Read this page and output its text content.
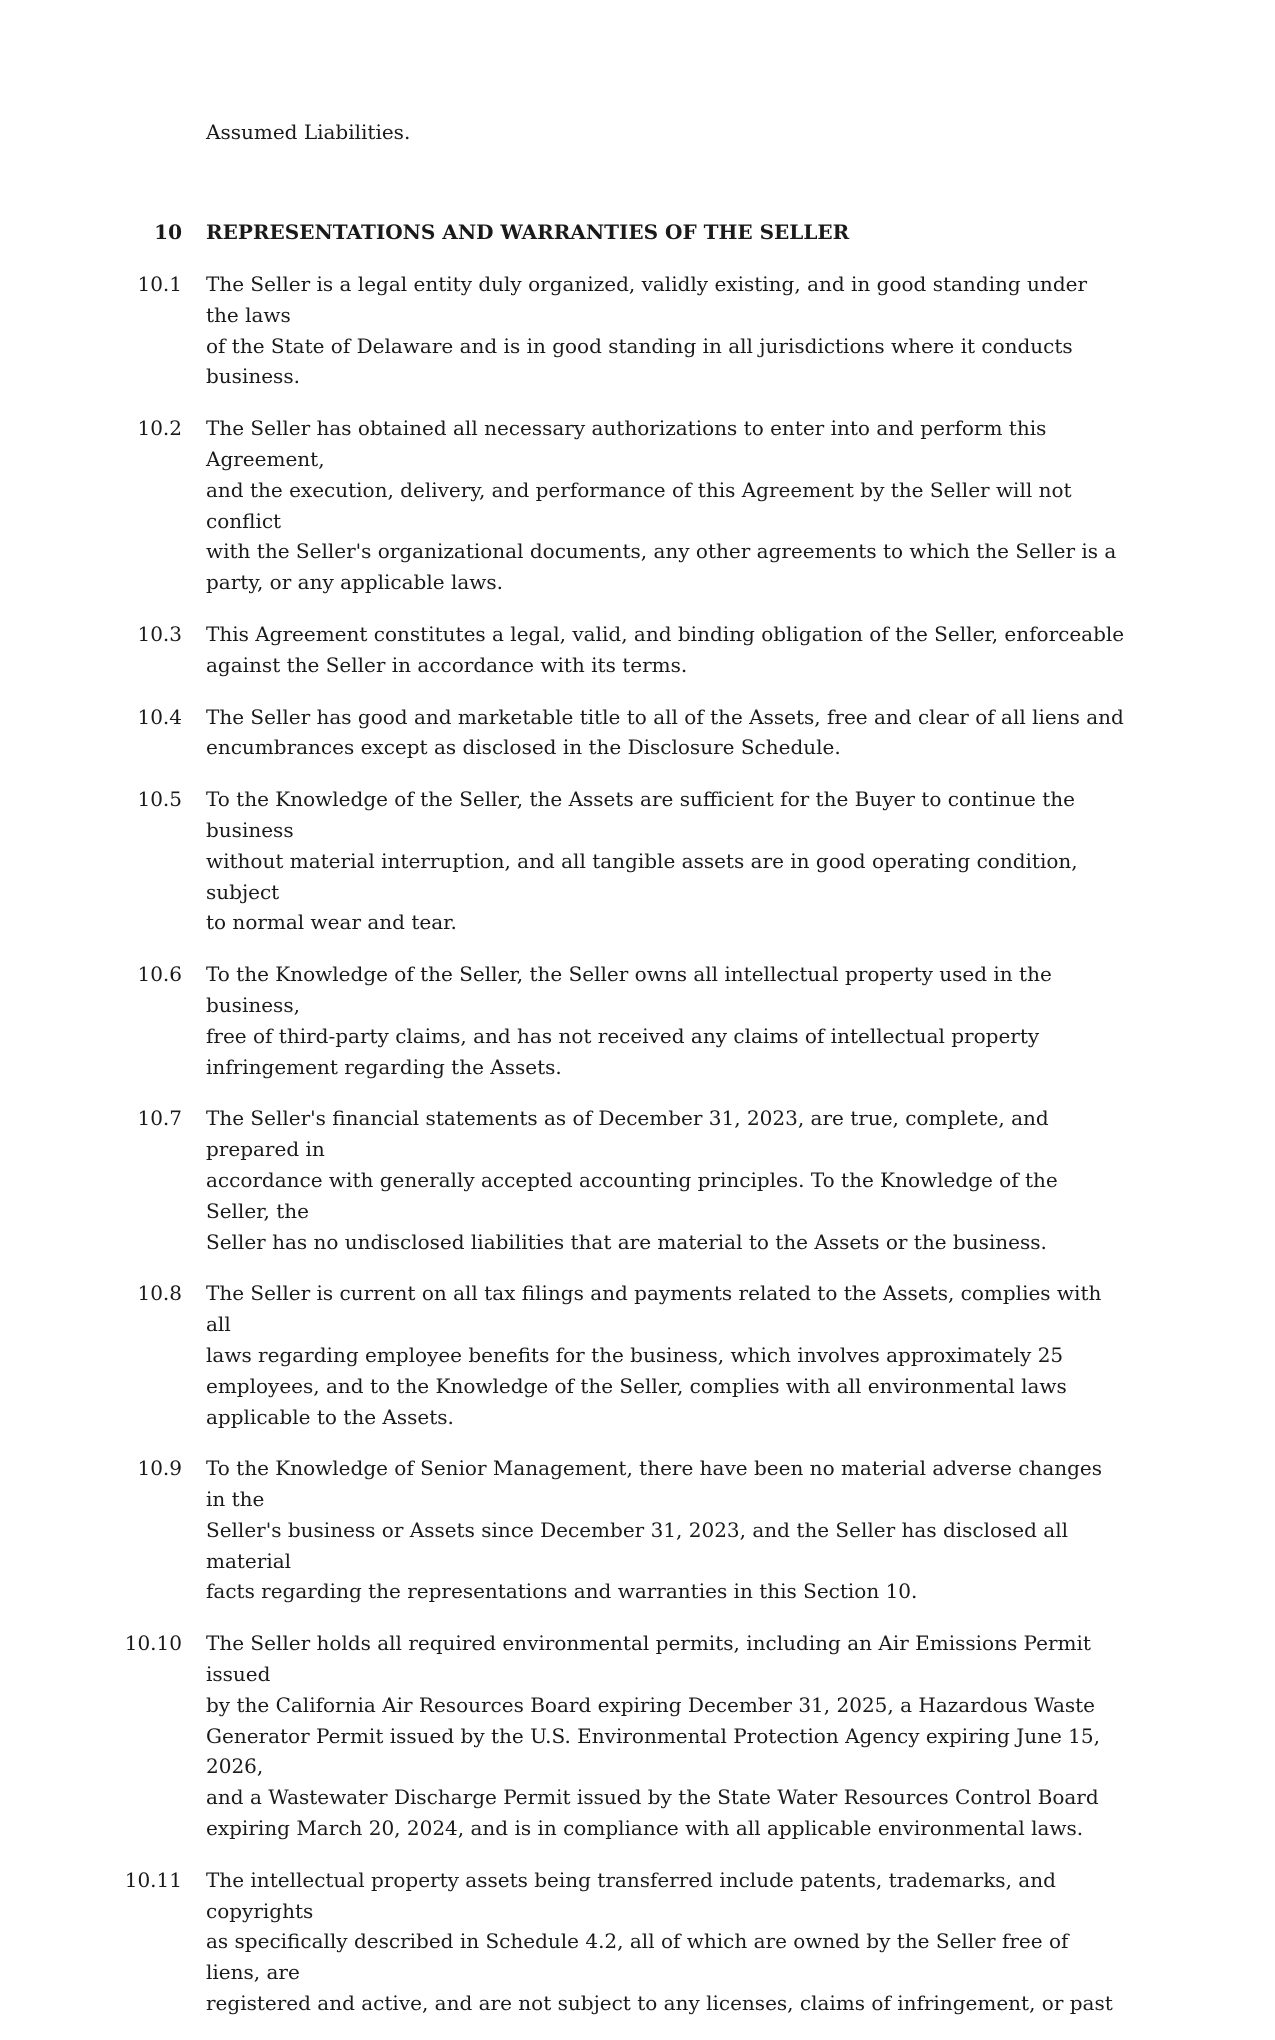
Assumed Liabilities.

10 REPRESENTATIONS AND WARRANTIES OF THE SELLER
10.1 The Seller is a legal entity duly organized, validly existing, and in good standing under the laws
of the State of Delaware and is in good standing in all jurisdictions where it conducts business.
10.2 The Seller has obtained all necessary authorizations to enter into and perform this Agreement,
and the execution, delivery, and performance of this Agreement by the Seller will not conflict
with the Seller's organizational documents, any other agreements to which the Seller is a
party, or any applicable laws.
10.3 This Agreement constitutes a legal, valid, and binding obligation of the Seller, enforceable
against the Seller in accordance with its terms.
10.4 The Seller has good and marketable title to all of the Assets, free and clear of all liens and
encumbrances except as disclosed in the Disclosure Schedule.
10.5 To the Knowledge of the Seller, the Assets are sufficient for the Buyer to continue the business
without material interruption, and all tangible assets are in good operating condition, subject
to normal wear and tear.
10.6 To the Knowledge of the Seller, the Seller owns all intellectual property used in the business,
free of third-party claims, and has not received any claims of intellectual property
infringement regarding the Assets.
10.7 The Seller's financial statements as of December 31, 2023, are true, complete, and prepared in
accordance with generally accepted accounting principles. To the Knowledge of the Seller, the
Seller has no undisclosed liabilities that are material to the Assets or the business.
10.8 The Seller is current on all tax filings and payments related to the Assets, complies with all
laws regarding employee benefits for the business, which involves approximately 25
employees, and to the Knowledge of the Seller, complies with all environmental laws
applicable to the Assets.
10.9 To the Knowledge of Senior Management, there have been no material adverse changes in the
Seller's business or Assets since December 31, 2023, and the Seller has disclosed all material
facts regarding the representations and warranties in this Section 10.
10.10 The Seller holds all required environmental permits, including an Air Emissions Permit issued
by the California Air Resources Board expiring December 31, 2025, a Hazardous Waste
Generator Permit issued by the U.S. Environmental Protection Agency expiring June 15, 2026,
and a Wastewater Discharge Permit issued by the State Water Resources Control Board
expiring March 20, 2024, and is in compliance with all applicable environmental laws.
10.11 The intellectual property assets being transferred include patents, trademarks, and copyrights
as specifically described in Schedule 4.2, all of which are owned by the Seller free of liens, are
registered and active, and are not subject to any licenses, claims of infringement, or past
